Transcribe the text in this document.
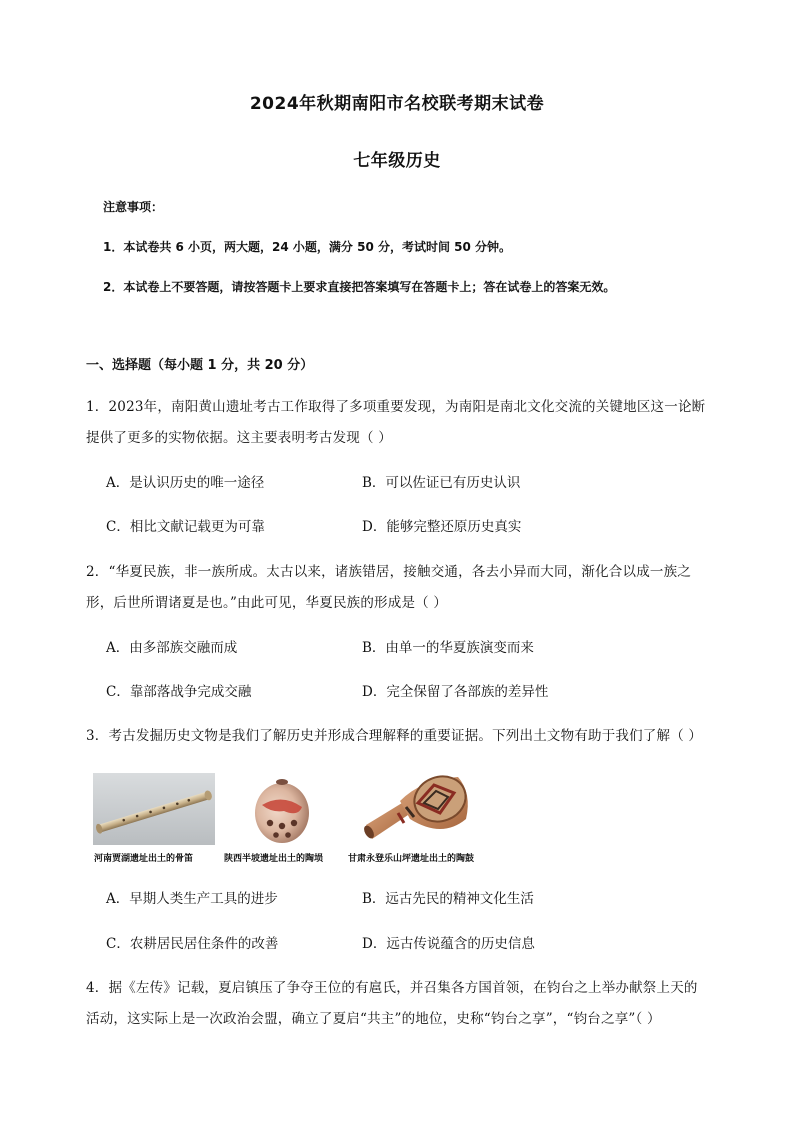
2024年秋期南阳市名校联考期末试卷
七年级历史
注意事项：
1．本试卷共 6 小页，两大题，24 小题，满分 50 分，考试时间 50 分钟。
2．本试卷上不要答题，请按答题卡上要求直接把答案填写在答题卡上；答在试卷上的答案无效。
一、选择题（每小题 1 分，共 20 分）
1．2023年，南阳黄山遗址考古工作取得了多项重要发现，为南阳是南北文化交流的关键地区这一论断
提供了更多的实物依据。这主要表明考古发现（ ）
A．是认识历史的唯一途径	B．可以佐证已有历史认识
C．相比文献记载更为可靠	D．能够完整还原历史真实
2．“华夏民族，非一族所成。太古以来，诸族错居，接触交通，各去小异而大同，渐化合以成一族之
形，后世所谓诸夏是也。”由此可见，华夏民族的形成是（ ）
A．由多部族交融而成	B．由单一的华夏族演变而来
C．靠部落战争完成交融	D．完全保留了各部族的差异性
3．考古发掘历史文物是我们了解历史并形成合理解释的重要证据。下列出土文物有助于我们了解（ ）
河南贾湖遗址出土的骨笛	陕西半坡遗址出土的陶埙	甘肃永登乐山坪遗址出土的陶鼓
A．早期人类生产工具的进步	B．远古先民的精神文化生活
C．农耕居民居住条件的改善	D．远古传说蕴含的历史信息
4．据《左传》记载，夏启镇压了争夺王位的有扈氏，并召集各方国首领，在钧台之上举办献祭上天的
活动，这实际上是一次政治会盟，确立了夏启“共主”的地位，史称“钧台之享”，“钧台之享”（ ）
